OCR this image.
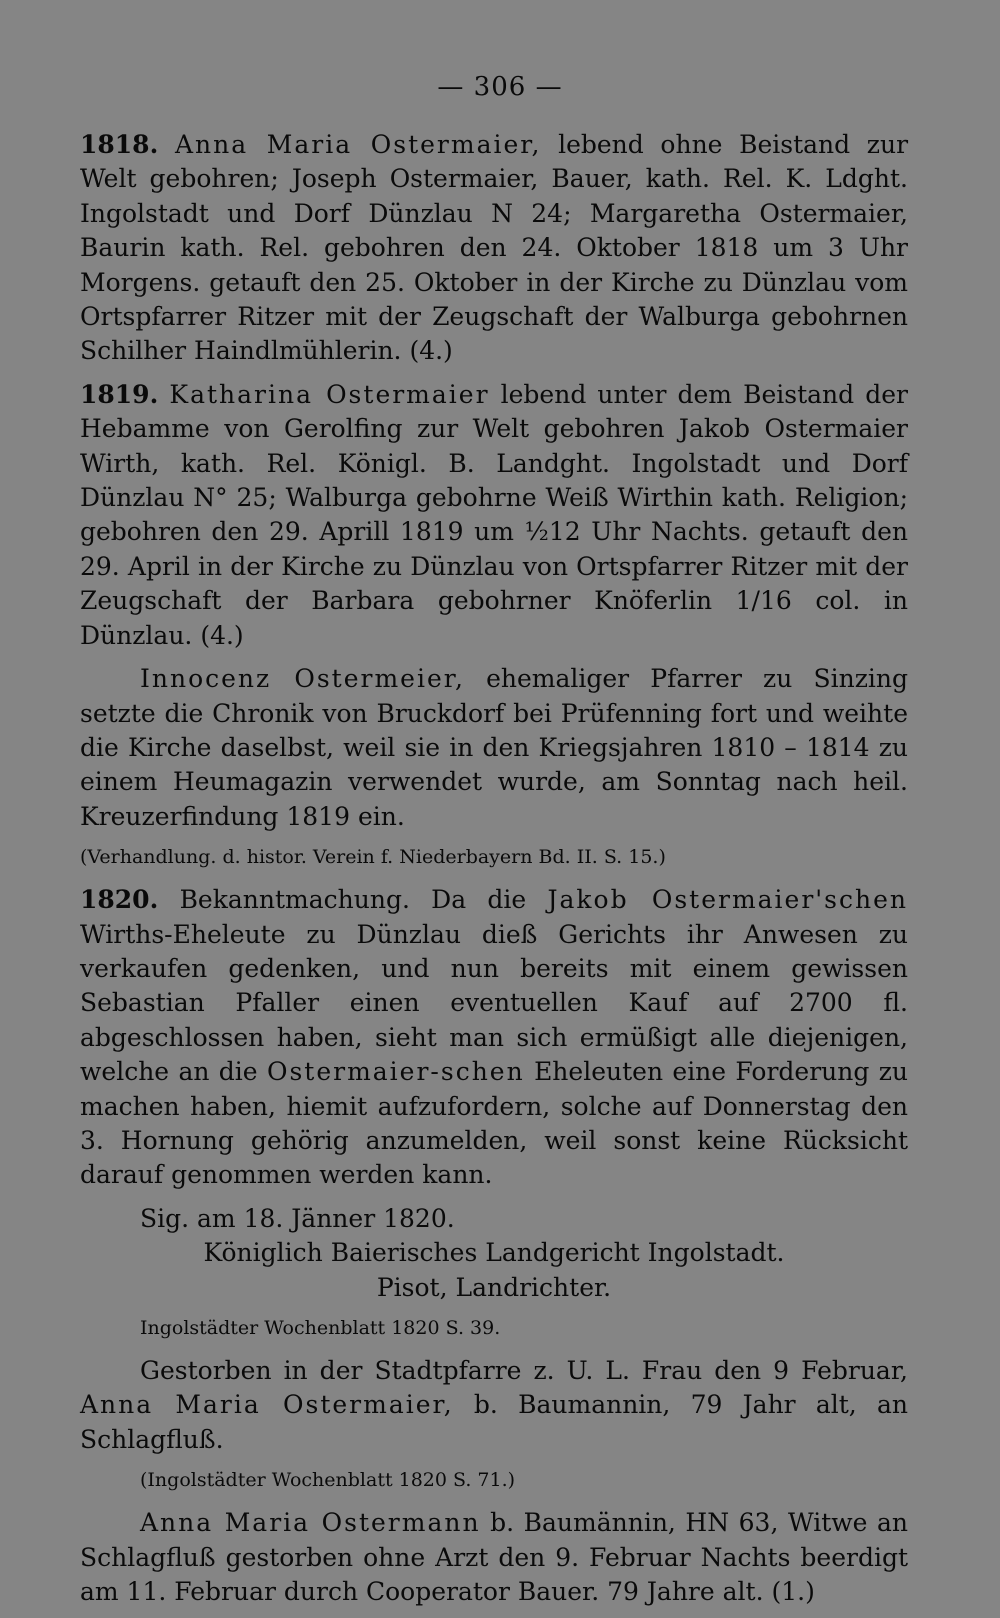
— 306 —

1818. Anna Maria Ostermaier, lebend ohne Beistand zur Welt gebohren; Joseph Ostermaier, Bauer, kath. Rel. K. Ldght. Ingolstadt und Dorf Dünzlau N 24; Margaretha Ostermaier, Baurin kath. Rel. gebohren den 24. Oktober 1818 um 3 Uhr Morgens. getauft den 25. Oktober in der Kirche zu Dünzlau vom Ortspfarrer Ritzer mit der Zeugschaft der Walburga gebohrnen Schilher Haindlmühlerin. (4.)

1819. Katharina Ostermaier lebend unter dem Beistand der Hebamme von Gerolfing zur Welt gebohren Jakob Ostermaier Wirth, kath. Rel. Königl. B. Landght. Ingolstadt und Dorf Dünzlau N° 25; Walburga gebohrne Weiß Wirthin kath. Religion; gebohren den 29. Aprill 1819 um ½12 Uhr Nachts. getauft den 29. April in der Kirche zu Dünzlau von Ortspfarrer Ritzer mit der Zeugschaft der Barbara gebohrner Knöferlin 1/16 col. in Dünzlau. (4.)

Innocenz Ostermeier, ehemaliger Pfarrer zu Sinzing setzte die Chronik von Bruckdorf bei Prüfenning fort und weihte die Kirche daselbst, weil sie in den Kriegsjahren 1810 – 1814 zu einem Heumagazin verwendet wurde, am Sonntag nach heil. Kreuzerfindung 1819 ein.

(Verhandlung. d. histor. Verein f. Niederbayern Bd. II. S. 15.)

1820. Bekanntmachung. Da die Jakob Ostermaier'schen Wirths-Eheleute zu Dünzlau dieß Gerichts ihr Anwesen zu verkaufen gedenken, und nun bereits mit einem gewissen Sebastian Pfaller einen eventuellen Kauf auf 2700 fl. abgeschlossen haben, sieht man sich ermüßigt alle diejenigen, welche an die Ostermaier-schen Eheleuten eine Forderung zu machen haben, hiemit aufzufordern, solche auf Donnerstag den 3. Hornung gehörig anzumelden, weil sonst keine Rücksicht darauf genommen werden kann.

Sig. am 18. Jänner 1820.

Königlich Baierisches Landgericht Ingolstadt.

Pisot, Landrichter.

Ingolstädter Wochenblatt 1820 S. 39.

Gestorben in der Stadtpfarre z. U. L. Frau den 9 Februar, Anna Maria Ostermaier, b. Baumannin, 79 Jahr alt, an Schlagfluß.

(Ingolstädter Wochenblatt 1820 S. 71.)

Anna Maria Ostermann b. Baumännin, HN 63, Witwe an Schlagfluß gestorben ohne Arzt den 9. Februar Nachts beerdigt am 11. Februar durch Cooperator Bauer. 79 Jahre alt. (1.)
